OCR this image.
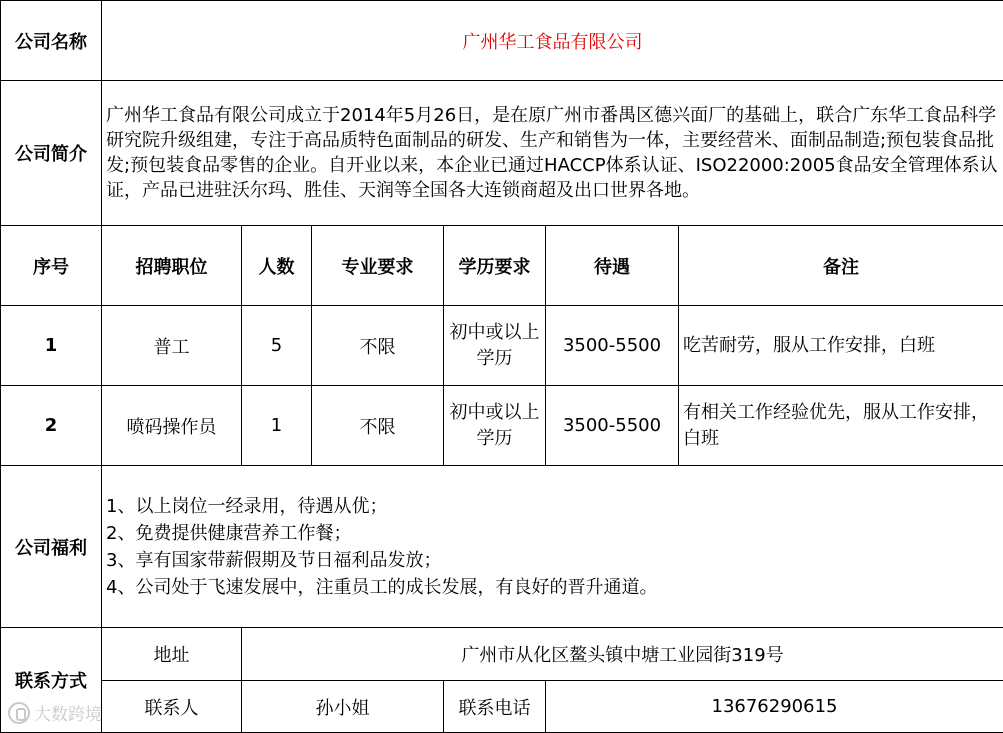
公司名称	广州华工食品有限公司					
公司简介	广州华工食品有限公司成立于2014年5月26日，是在原广州市番禺区德兴面厂的基础上，联合广东华工食品科学研究院升级组建，专注于高品质特色面制品的研发、生产和销售为一体，主要经营米、面制品制造;预包装食品批发;预包装食品零售的企业。自开业以来，本企业已通过HACCP体系认证、ISO22000:2005食品安全管理体系认证，产品已进驻沃尔玛、胜佳、天润等全国各大连锁商超及出口世界各地。					
序号	招聘职位	人数	专业要求	学历要求	待遇	备注
1	普工	5	不限	初中或以上学历	3500-5500	吃苦耐劳，服从工作安排，白班
2	喷码操作员	1	不限	初中或以上学历	3500-5500	有相关工作经验优先，服从工作安排，白班
公司福利	1、以上岗位一经录用，待遇从优；
2、免费提供健康营养工作餐；
3、享有国家带薪假期及节日福利品发放；
4、公司处于飞速发展中，注重员工的成长发展，有良好的晋升通道。					

联系方式	地址	广州市从化区鳌头镇中塘工业园街319号				
	联系人	孙小姐		联系电话	13676290615	
大数跨境
